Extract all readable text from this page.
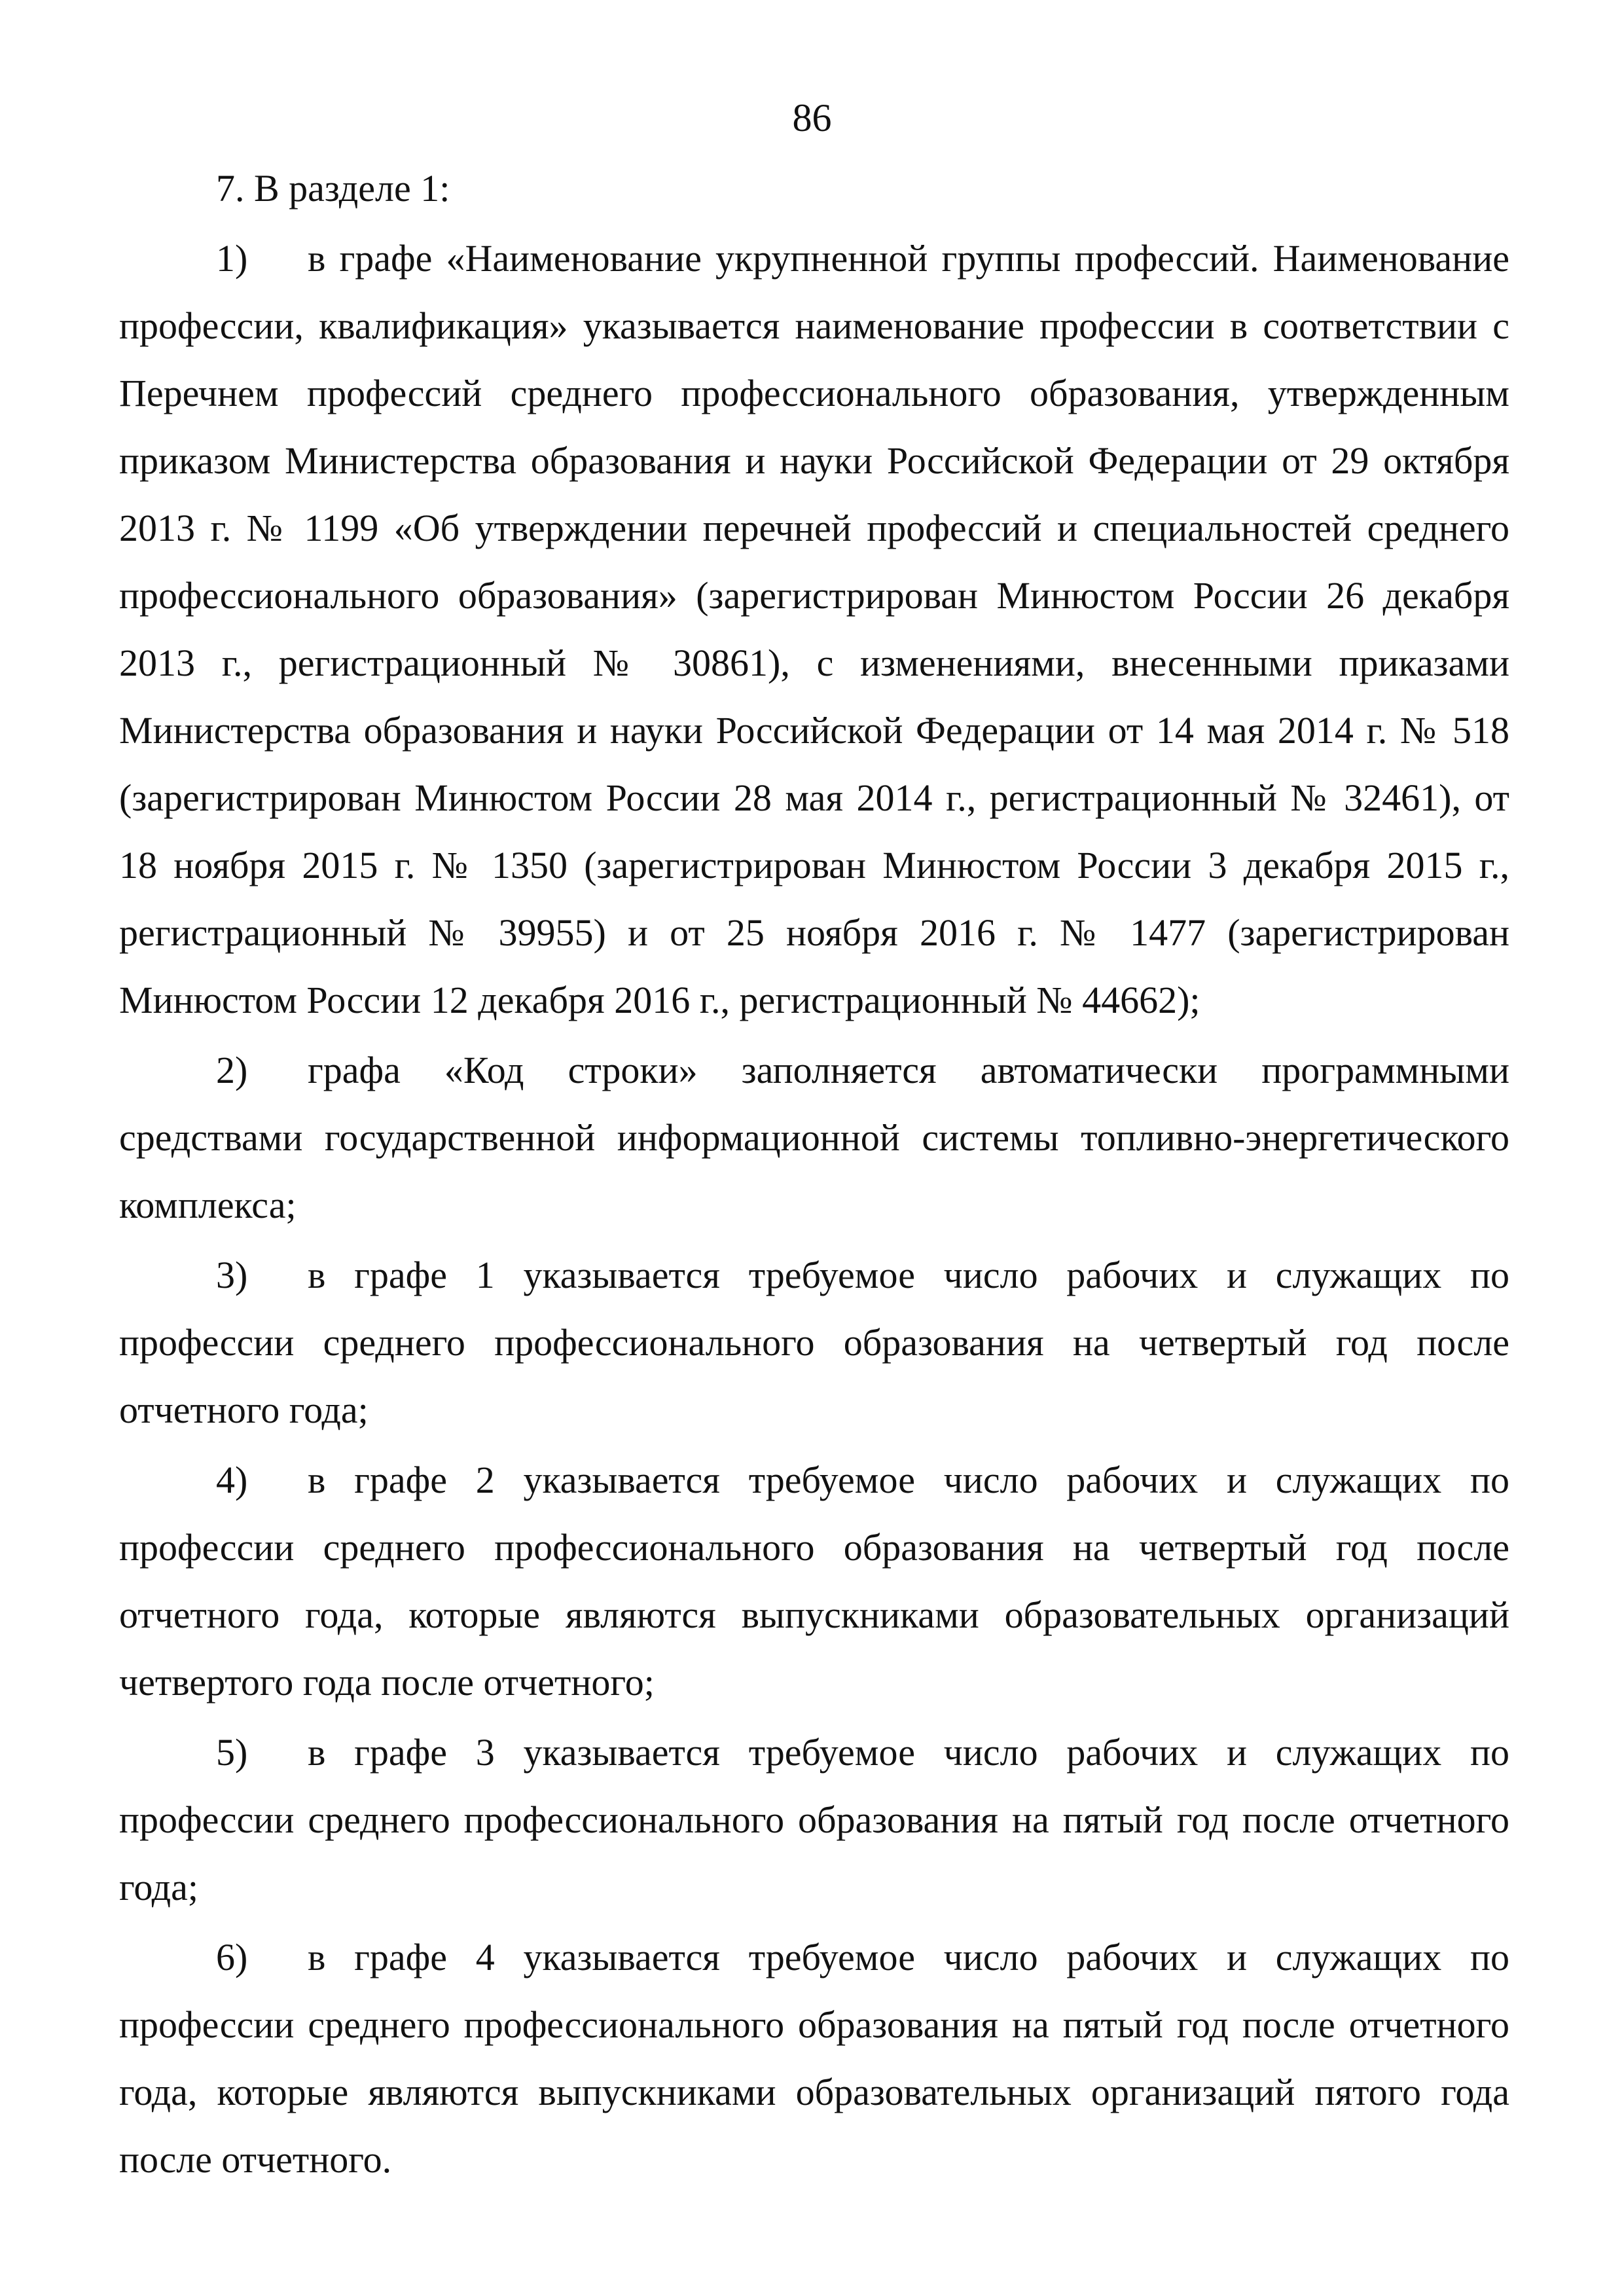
86

7. В разделе 1:

1) в графе «Наименование укрупненной группы профессий. Наименование профессии, квалификация» указывается наименование профессии в соответствии с Перечнем профессий среднего профессионального образования, утвержденным приказом Министерства образования и науки Российской Федерации от 29 октября 2013 г. № 1199 «Об утверждении перечней профессий и специальностей среднего профессионального образования» (зарегистрирован Минюстом России 26 декабря 2013 г., регистрационный № 30861), с изменениями, внесенными приказами Министерства образования и науки Российской Федерации от 14 мая 2014 г. № 518 (зарегистрирован Минюстом России 28 мая 2014 г., регистрационный № 32461), от 18 ноября 2015 г. № 1350 (зарегистрирован Минюстом России 3 декабря 2015 г., регистрационный № 39955) и от 25 ноября 2016 г. № 1477 (зарегистрирован Минюстом России 12 декабря 2016 г., регистрационный № 44662);

2) графа «Код строки» заполняется автоматически программными средствами государственной информационной системы топливно-энергетического комплекса;

3) в графе 1 указывается требуемое число рабочих и служащих по профессии среднего профессионального образования на четвертый год после отчетного года;

4) в графе 2 указывается требуемое число рабочих и служащих по профессии среднего профессионального образования на четвертый год после отчетного года, которые являются выпускниками образовательных организаций четвертого года после отчетного;

5) в графе 3 указывается требуемое число рабочих и служащих по профессии среднего профессионального образования на пятый год после отчетного года;

6) в графе 4 указывается требуемое число рабочих и служащих по профессии среднего профессионального образования на пятый год после отчетного года, которые являются выпускниками образовательных организаций пятого года после отчетного.
